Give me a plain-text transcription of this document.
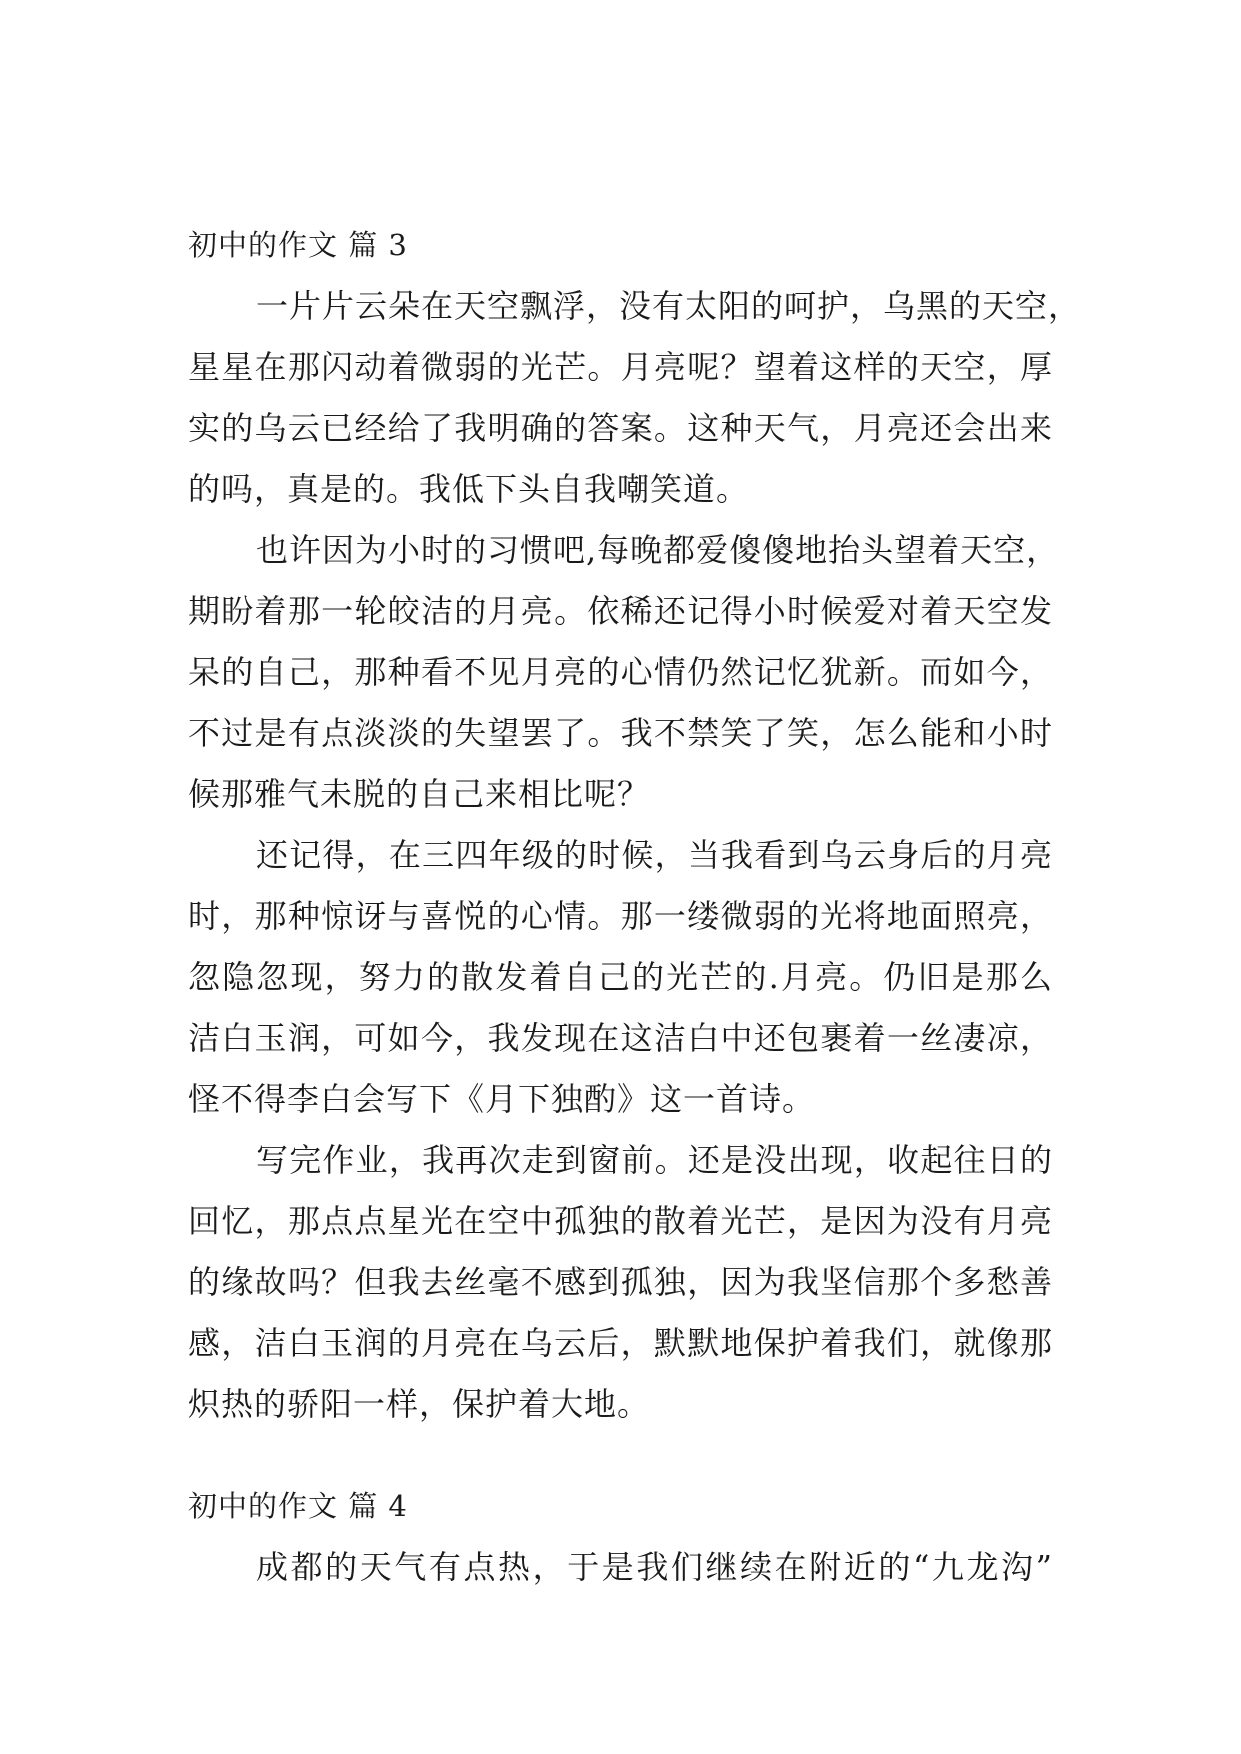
初中的作文 篇 3
一片片云朵在天空飘浮，没有太阳的呵护，乌黑的天空，
星星在那闪动着微弱的光芒。月亮呢？望着这样的天空，厚
实的乌云已经给了我明确的答案。这种天气，月亮还会出来
的吗，真是的。我低下头自我嘲笑道。
也许因为小时的习惯吧,每晚都爱傻傻地抬头望着天空，
期盼着那一轮皎洁的月亮。依稀还记得小时候爱对着天空发
呆的自己，那种看不见月亮的心情仍然记忆犹新。而如今，
不过是有点淡淡的失望罢了。我不禁笑了笑，怎么能和小时
候那雅气未脱的自己来相比呢？
还记得，在三四年级的时候，当我看到乌云身后的月亮
时，那种惊讶与喜悦的心情。那一缕微弱的光将地面照亮，
忽隐忽现，努力的散发着自己的光芒的.月亮。仍旧是那么
洁白玉润，可如今，我发现在这洁白中还包裹着一丝凄凉，
怪不得李白会写下《月下独酌》这一首诗。
写完作业，我再次走到窗前。还是没出现，收起往日的
回忆，那点点星光在空中孤独的散着光芒，是因为没有月亮
的缘故吗？但我去丝毫不感到孤独，因为我坚信那个多愁善
感，洁白玉润的月亮在乌云后，默默地保护着我们，就像那
炽热的骄阳一样，保护着大地。
初中的作文 篇 4
成都的天气有点热，于是我们继续在附近的“九龙沟”
